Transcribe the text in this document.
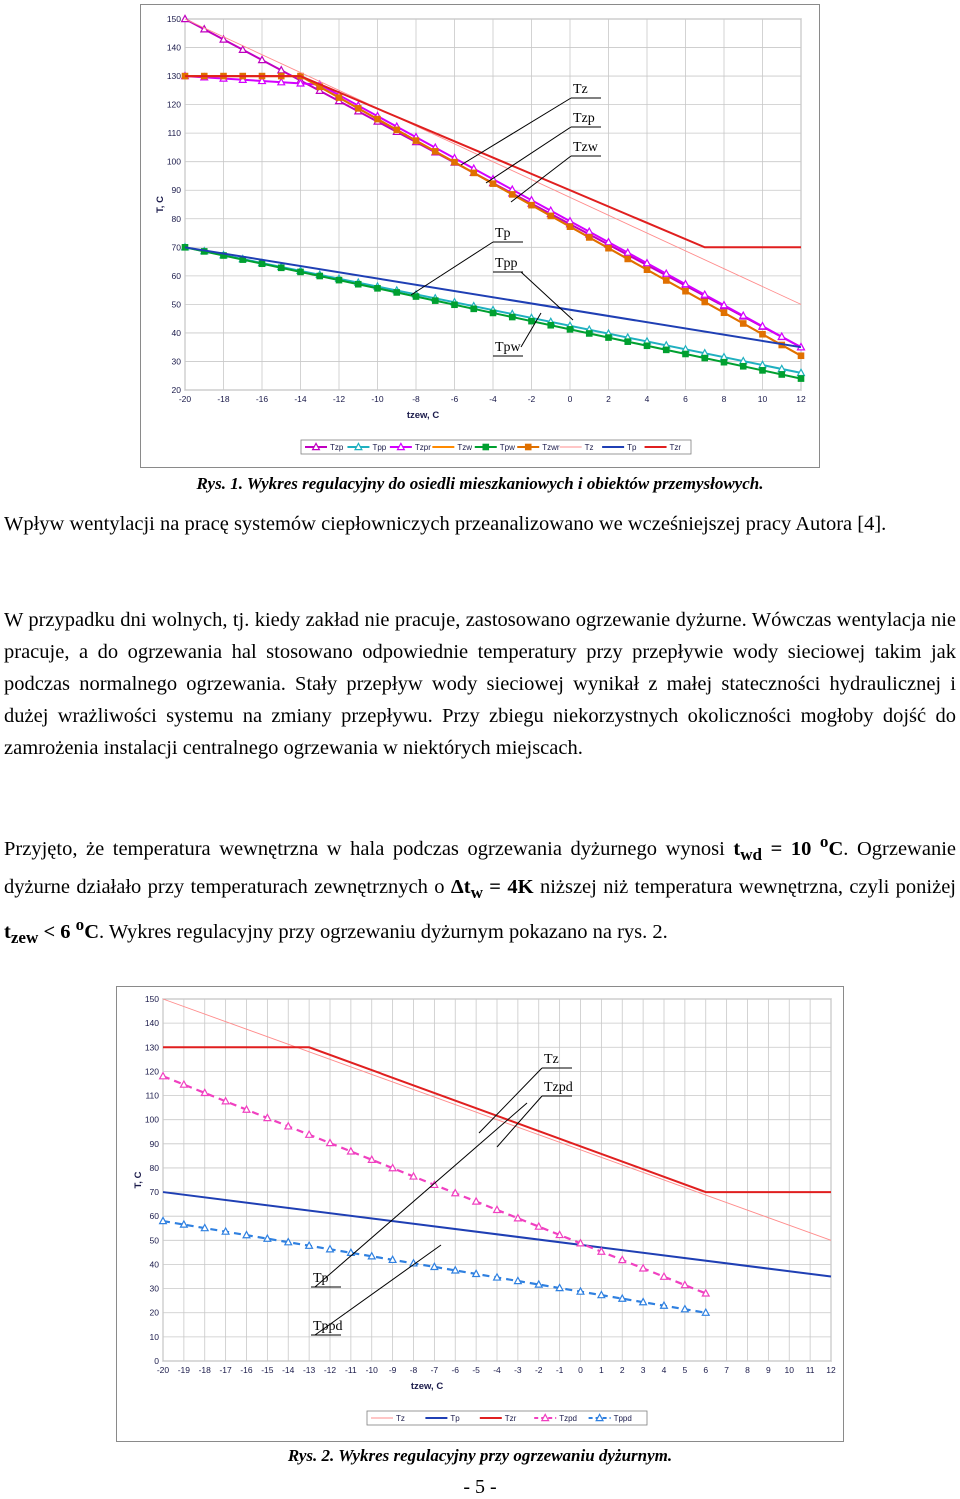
-20	-18	-16	-14	-12	-10	-8	-6	-4	-2	0	2	4	6	8	10	12
20
30
40
50
60
70
80
90
100
110
120
130
140
150
tzew, C
T, C
Tzp	Tpp	Tzpr	Tzw	Tpw	Tzwr	Tz	Tp	Tzr
Tz
Tzp
Tzw
Tp
Tpp
Tpw
Rys. 1. Wykres regulacyjny do osiedli mieszkaniowych i obiektów przemysłowych.

Wpływ wentylacji na pracę systemów ciepłowniczych przeanalizowano we wcześniejszej pracy Autora [4].

W przypadku dni wolnych, tj. kiedy zakład nie pracuje, zastosowano ogrzewanie dyżurne. Wówczas wentylacja nie pracuje, a do ogrzewania hal stosowano odpowiednie temperatury przy przepływie wody sieciowej takim jak podczas normalnego ogrzewania. Stały przepływ wody sieciowej wynikał z małej stateczności hydraulicznej i dużej wrażliwości systemu na zmiany przepływu. Przy zbiegu niekorzystnych okoliczności mogłoby dojść do zamrożenia instalacji centralnego ogrzewania w niektórych miejscach.

Przyjęto, że temperatura wewnętrzna w hala podczas ogrzewania dyżurnego wynosi $t_{wd} = 10$ $^o$C. Ogrzewanie dyżurne działało przy temperaturach zewnętrznych o $\Delta t_w = 4K$ niższej niż temperatura wewnętrzna, czyli poniżej $t_{zew} < 6$ $^o$C. Wykres regulacyjny przy ogrzewaniu dyżurnym pokazano na rys. 2.

-20 -19 -18 -17 -16 -15 -14 -13 -12 -11 -10 -9 -8 -7 -6 -5 -4 -3 -2 -1 0 1 2 3 4 5 6 7 8 9 10 11 12
0
10
20
30
40
50
60
70
80
90
100
110
120
130
140
150
tzew, C
T, C
Tz	Tp	Tzr	Tzpd	Tppd
Tz
Tzpd
Tp
Tppd
Rys. 2. Wykres regulacyjny przy ogrzewaniu dyżurnym.
- 5 -
